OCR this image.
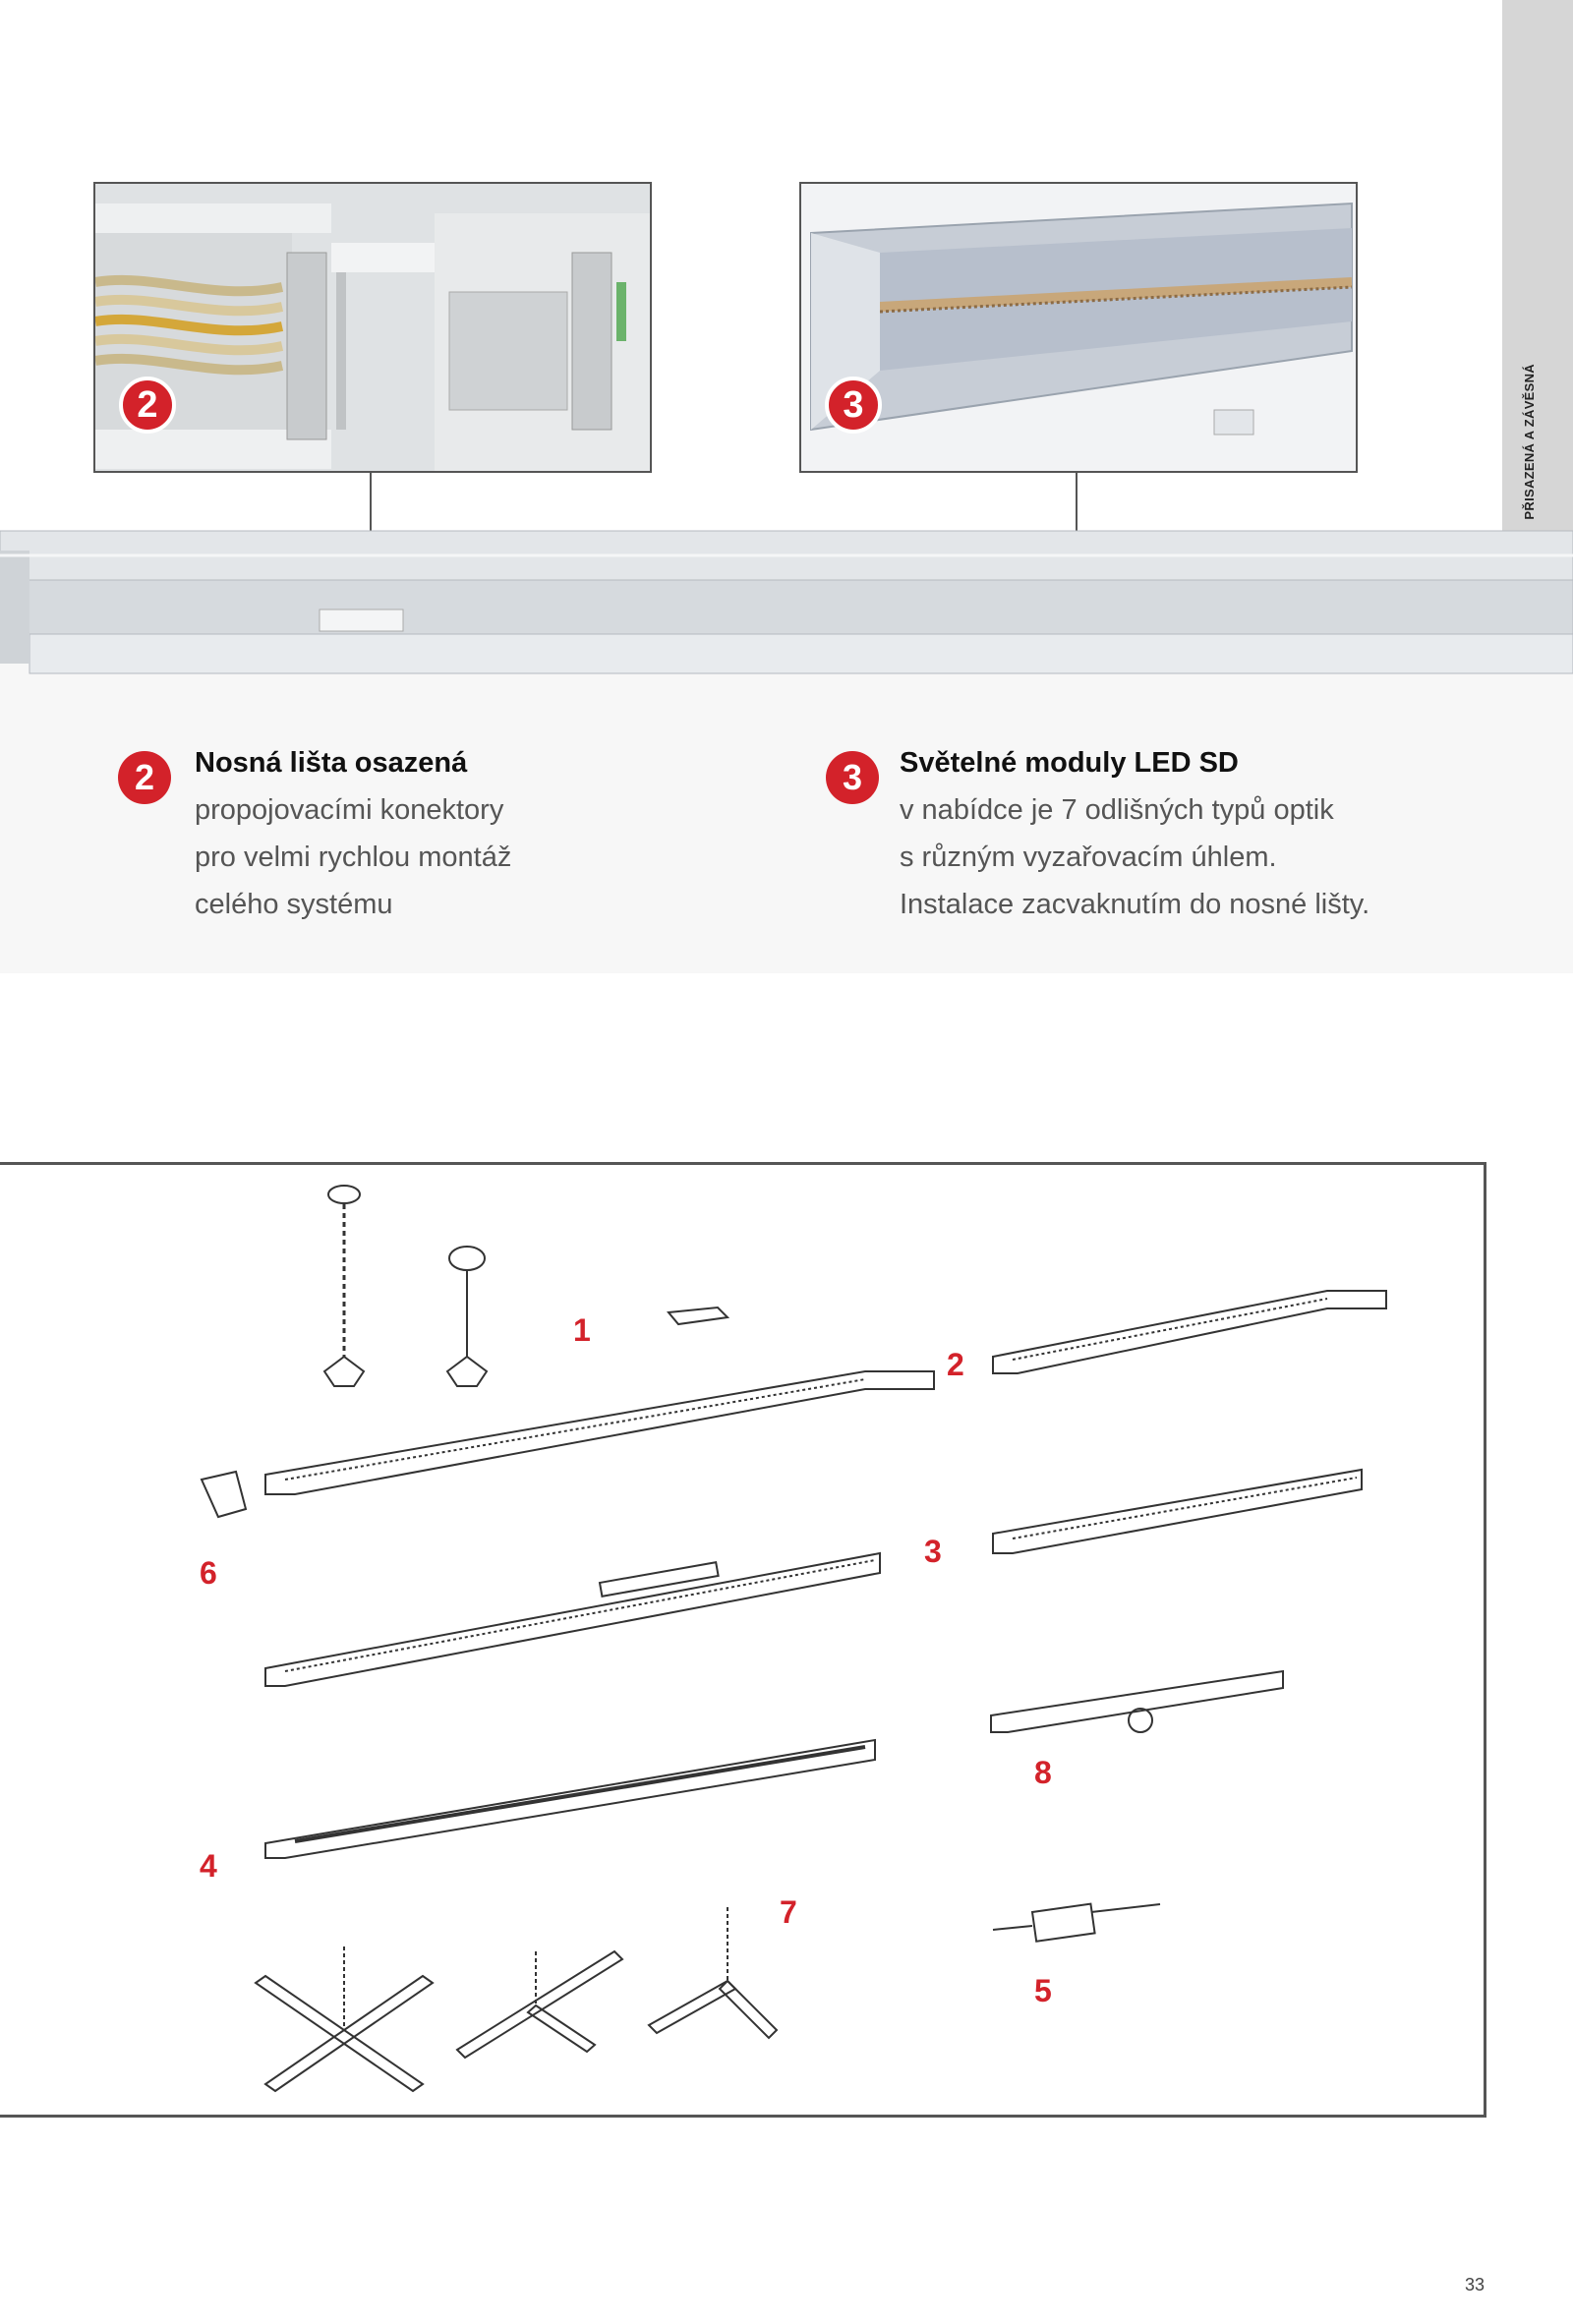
PŘISAZENÁ A ZÁVĚSNÁ
2	3
2	Nosná lišta osazená
propojovacími konektory
pro velmi rychlou montáž
celého systému
3	Světelné moduly LED SD
v nabídce je 7 odlišných typů optik
s různým vyzařovacím úhlem.
Instalace zacvaknutím do nosné lišty.
1
2
3
4
5
6
7
8
33
